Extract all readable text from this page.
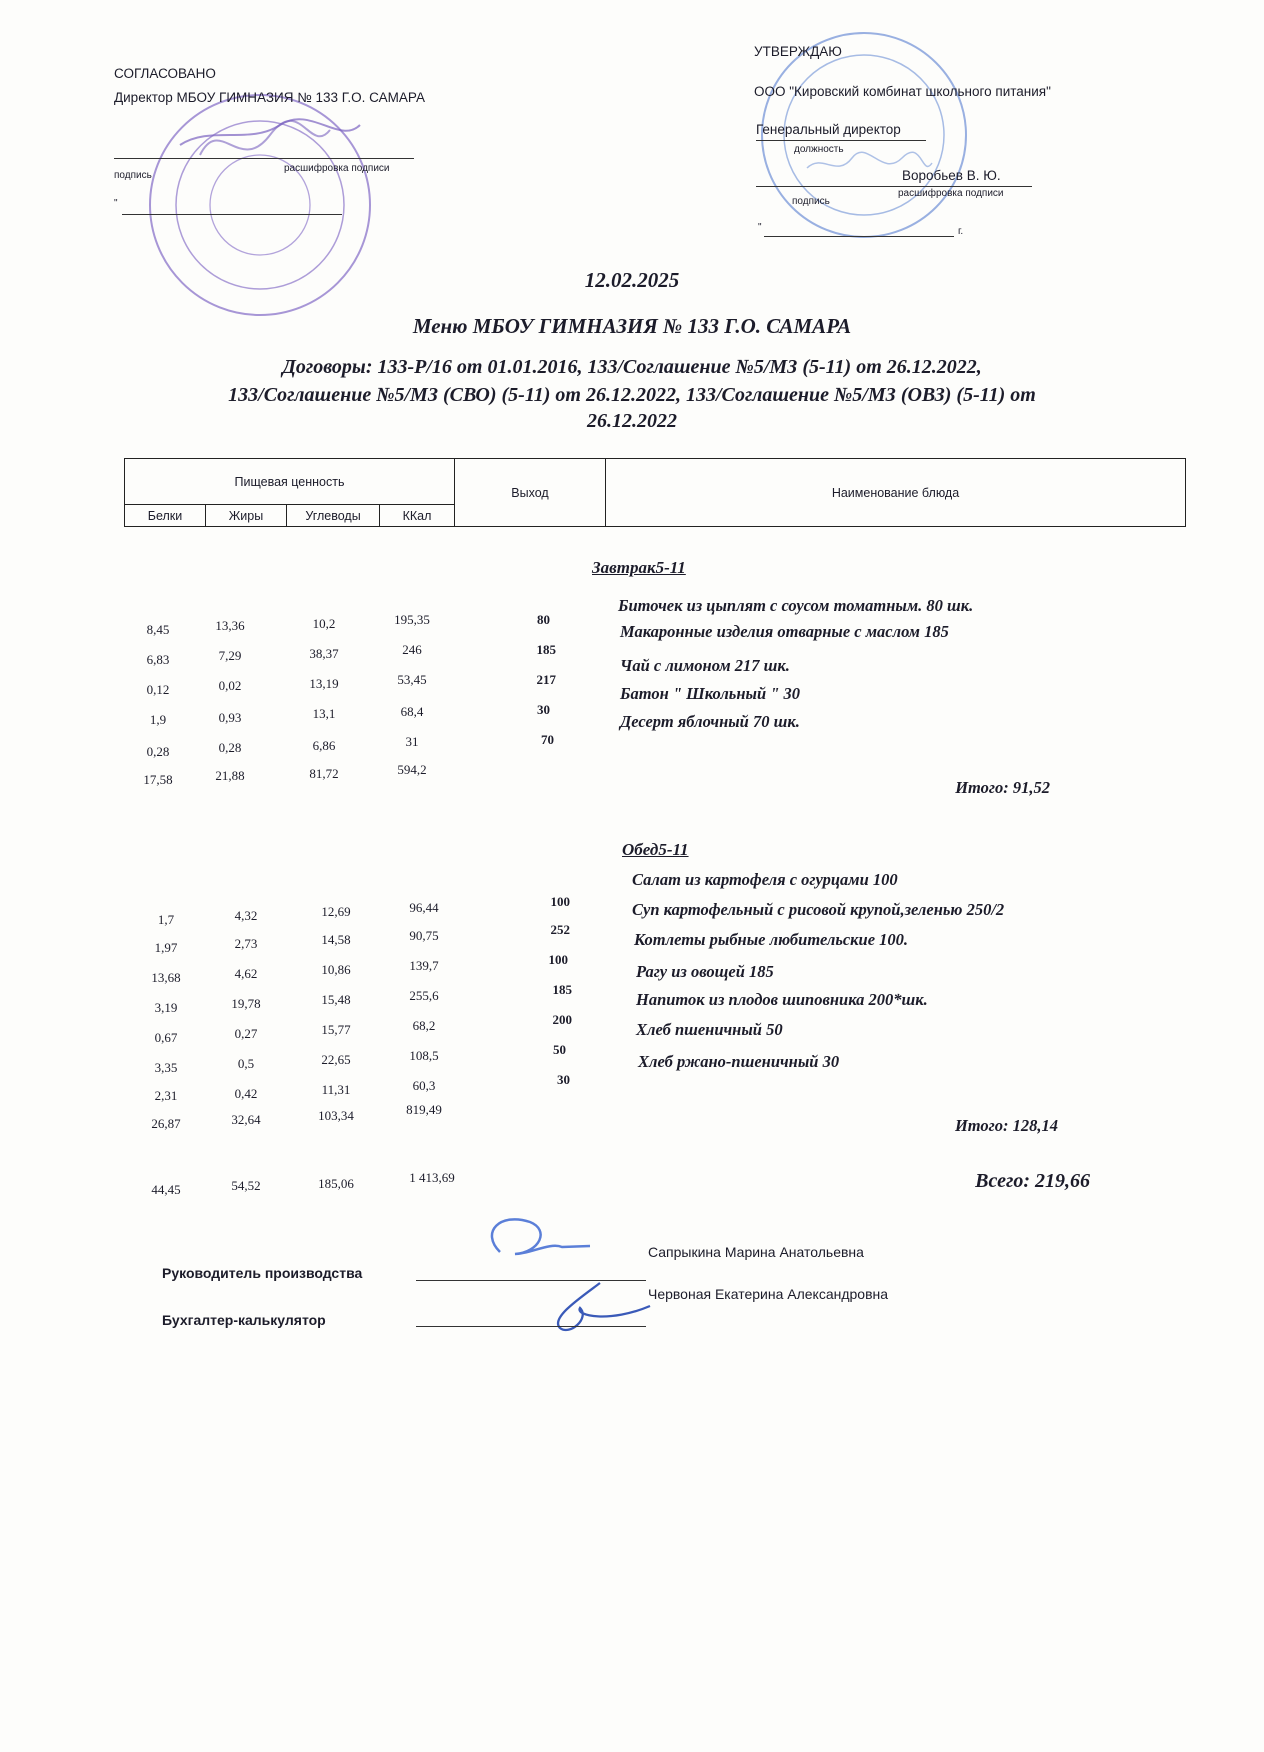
СОГЛАСОВАНО
Директор МБОУ ГИМНАЗИЯ № 133 Г.О. САМАРА
подпись
расшифровка подписи
"
УТВЕРЖДАЮ
ООО "Кировский комбинат школьного питания"
Генеральный директор
должность
Воробьев В. Ю.
подпись
расшифровка подписи
"	г.
12.02.2025
Меню МБОУ ГИМНАЗИЯ № 133 Г.О. САМАРА
Договоры: 133-Р/16 от 01.01.2016, 133/Соглашение №5/МЗ (5-11) от 26.12.2022,
133/Соглашение №5/МЗ (СВО) (5-11) от 26.12.2022, 133/Соглашение №5/МЗ (ОВЗ) (5-11) от
26.12.2022
Пищевая ценность				Выход	Наименование блюда
Белки	Жиры	Углеводы	ККал		
Завтрак5-11
8,45	13,36	10,2	195,35	80
Биточек из цыплят с соусом томатным. 80 шк.
6,83	7,29	38,37	246	185
Макаронные изделия отварные с маслом 185
0,12	0,02	13,19	53,45	217
Чай с лимоном 217 шк.
1,9	0,93	13,1	68,4	30
Батон " Школьный " 30
0,28	0,28	6,86	31	70
Десерт яблочный 70 шк.
17,58	21,88	81,72	594,2
Итого: 91,52
Обед5-11
1,7	4,32	12,69	96,44	100
Салат из картофеля с огурцами 100
1,97	2,73	14,58	90,75	252
Суп картофельный с рисовой крупой,зеленью 250/2
13,68	4,62	10,86	139,7	100
Котлеты рыбные любительские 100.
3,19	19,78	15,48	255,6	185
Рагу из овощей 185
0,67	0,27	15,77	68,2	200
Напиток из плодов шиповника 200*шк.
3,35	0,5	22,65	108,5	50
Хлеб пшеничный 50
2,31	0,42	11,31	60,3	30
Хлеб ржано-пшеничный 30
26,87	32,64	103,34	819,49
Итого: 128,14
44,45	54,52	185,06	1 413,69	Всего: 219,66
Руководитель производства
Сапрыкина Марина Анатольевна
Бухгалтер-калькулятор
Червоная Екатерина Александровна
